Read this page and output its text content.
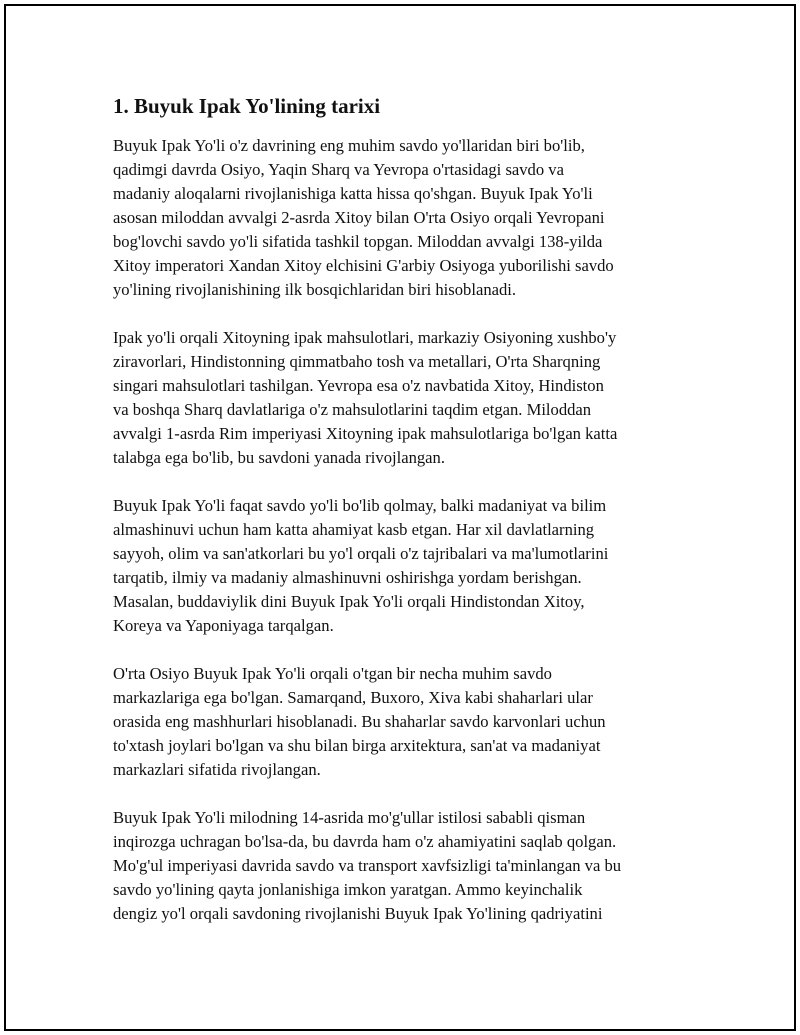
1. Buyuk Ipak Yo'lining tarixi

Buyuk Ipak Yo'li o'z davrining eng muhim savdo yo'llaridan biri bo'lib,
qadimgi davrda Osiyo, Yaqin Sharq va Yevropa o'rtasidagi savdo va
madaniy aloqalarni rivojlanishiga katta hissa qo'shgan. Buyuk Ipak Yo'li
asosan miloddan avvalgi 2-asrda Xitoy bilan O'rta Osiyo orqali Yevropani
bog'lovchi savdo yo'li sifatida tashkil topgan. Miloddan avvalgi 138-yilda
Xitoy imperatori Xandan Xitoy elchisini G'arbiy Osiyoga yuborilishi savdo
yo'lining rivojlanishining ilk bosqichlaridan biri hisoblanadi.

Ipak yo'li orqali Xitoyning ipak mahsulotlari, markaziy Osiyoning xushbo'y
ziravorlari, Hindistonning qimmatbaho tosh va metallari, O'rta Sharqning
singari mahsulotlari tashilgan. Yevropa esa o'z navbatida Xitoy, Hindiston
va boshqa Sharq davlatlariga o'z mahsulotlarini taqdim etgan. Miloddan
avvalgi 1-asrda Rim imperiyasi Xitoyning ipak mahsulotlariga bo'lgan katta
talabga ega bo'lib, bu savdoni yanada rivojlangan.

Buyuk Ipak Yo'li faqat savdo yo'li bo'lib qolmay, balki madaniyat va bilim
almashinuvi uchun ham katta ahamiyat kasb etgan. Har xil davlatlarning
sayyoh, olim va san'atkorlari bu yo'l orqali o'z tajribalari va ma'lumotlarini
tarqatib, ilmiy va madaniy almashinuvni oshirishga yordam berishgan.
Masalan, buddaviylik dini Buyuk Ipak Yo'li orqali Hindistondan Xitoy,
Koreya va Yaponiyaga tarqalgan.

O'rta Osiyo Buyuk Ipak Yo'li orqali o'tgan bir necha muhim savdo
markazlariga ega bo'lgan. Samarqand, Buxoro, Xiva kabi shaharlari ular
orasida eng mashhurlari hisoblanadi. Bu shaharlar savdo karvonlari uchun
to'xtash joylari bo'lgan va shu bilan birga arxitektura, san'at va madaniyat
markazlari sifatida rivojlangan.

Buyuk Ipak Yo'li milodning 14-asrida mo'g'ullar istilosi sababli qisman
inqirozga uchragan bo'lsa-da, bu davrda ham o'z ahamiyatini saqlab qolgan.
Mo'g'ul imperiyasi davrida savdo va transport xavfsizligi ta'minlangan va bu
savdo yo'lining qayta jonlanishiga imkon yaratgan. Ammo keyinchalik
dengiz yo'l orqali savdoning rivojlanishi Buyuk Ipak Yo'lining qadriyatini
